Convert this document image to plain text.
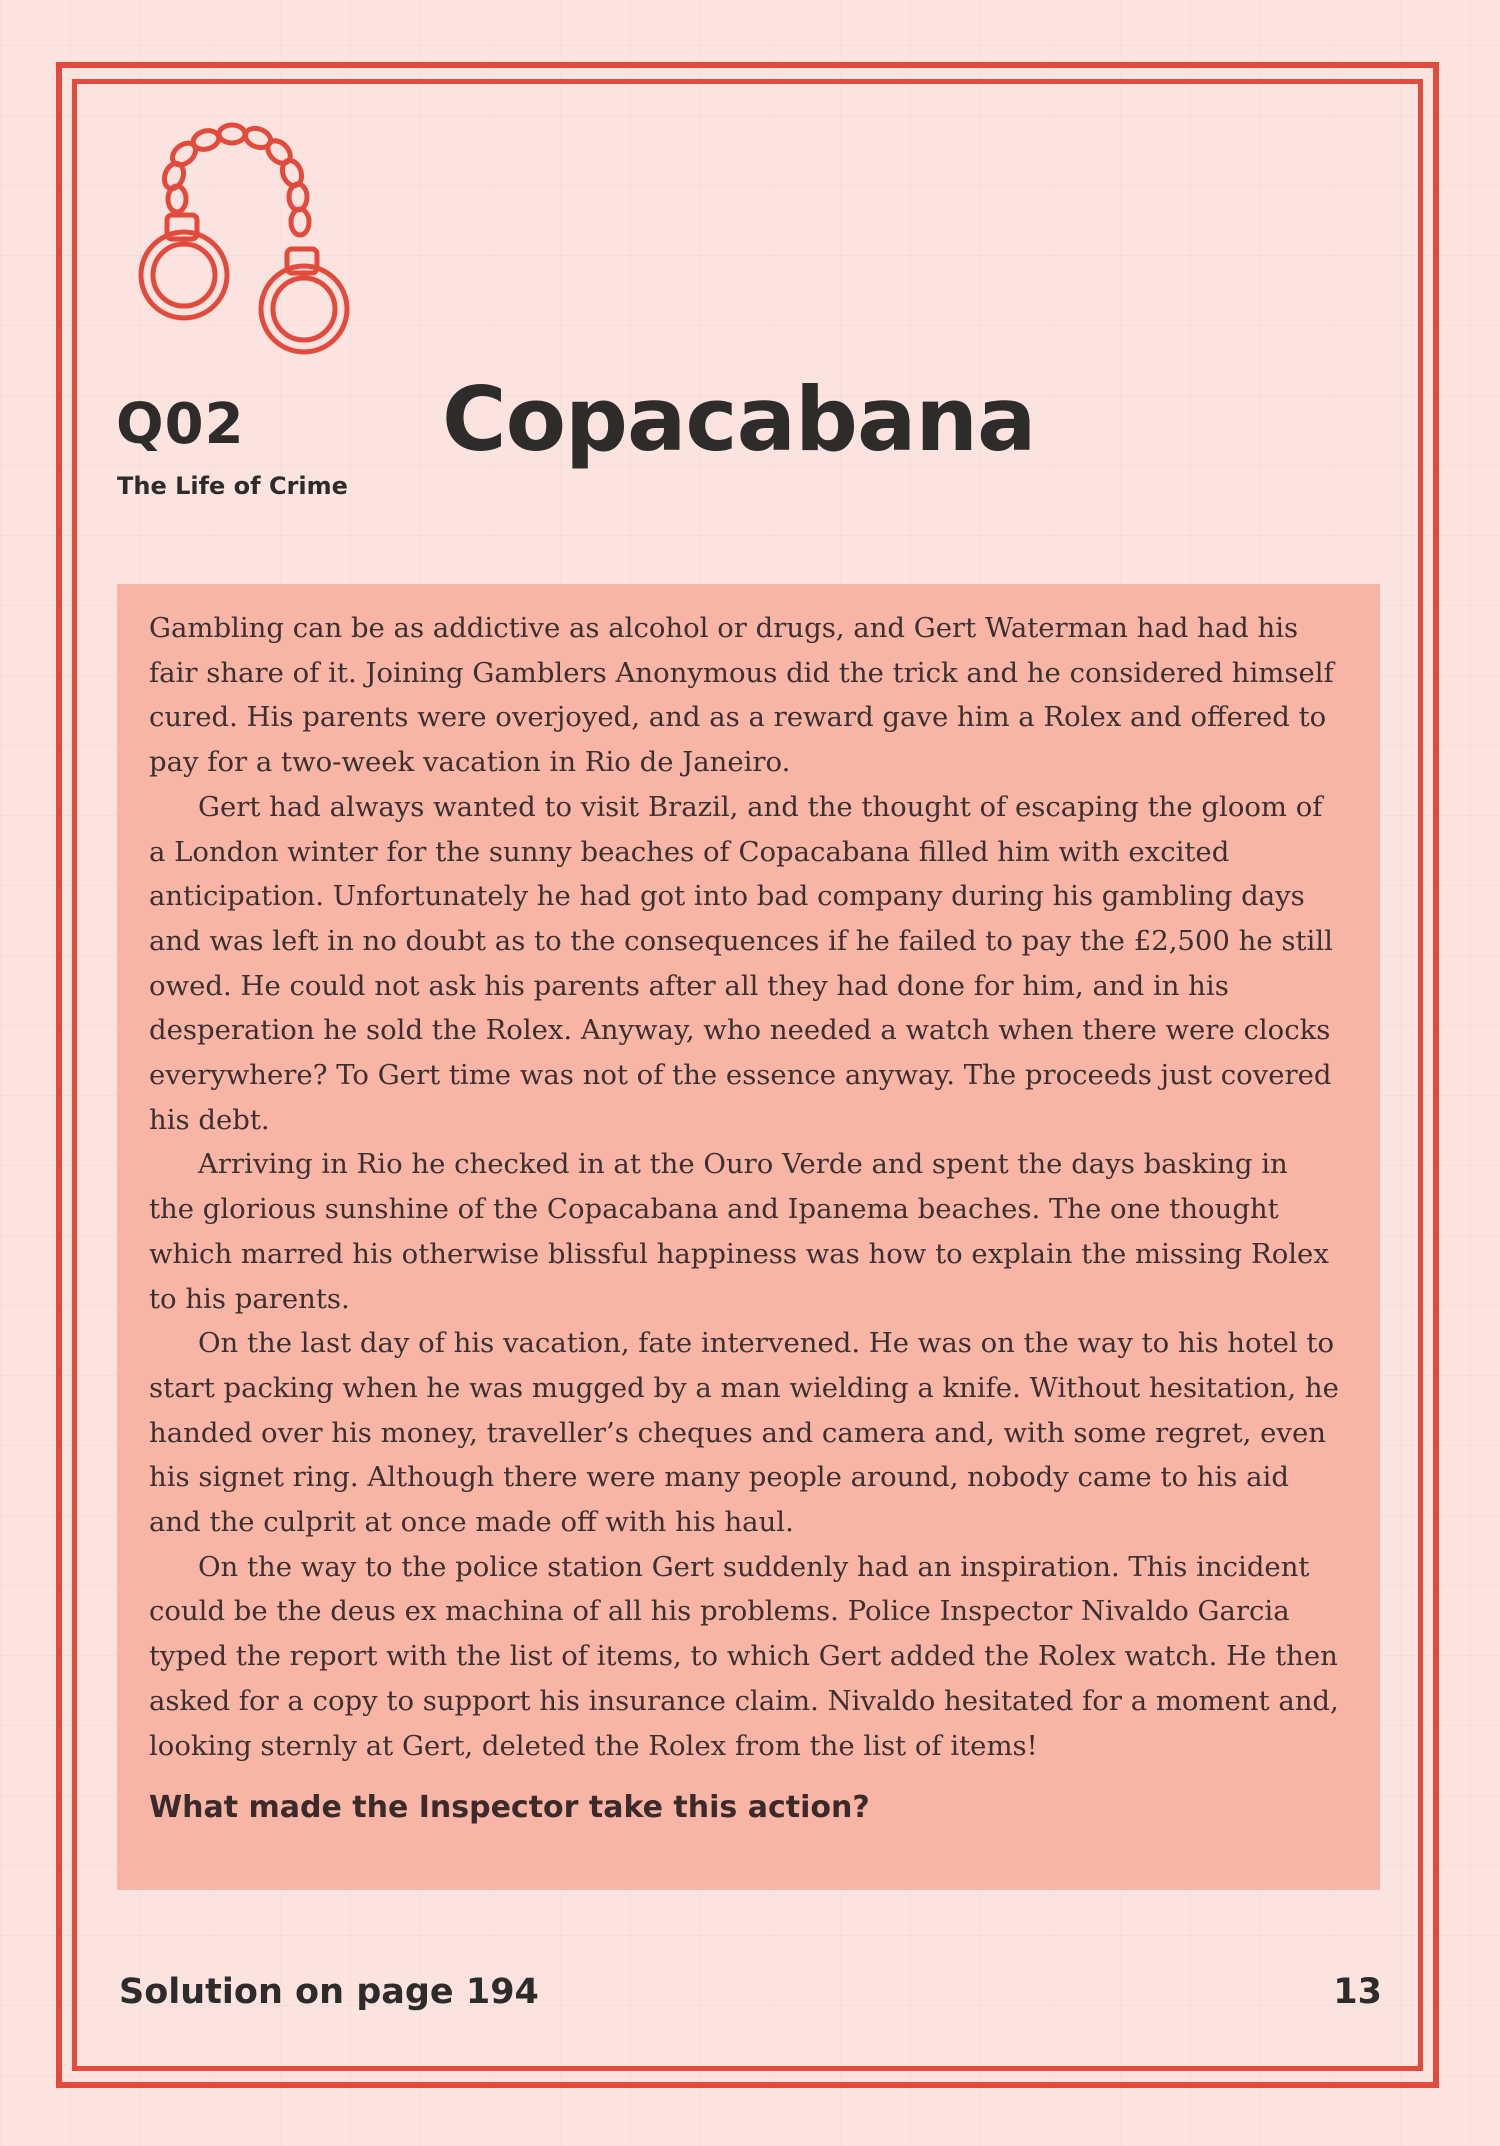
Q02
The Life of Crime
Copacabana

Gambling can be as addictive as alcohol or drugs, and Gert Waterman had had his fair share of it. Joining Gamblers Anonymous did the trick and he considered himself cured. His parents were overjoyed, and as a reward gave him a Rolex and offered to pay for a two-week vacation in Rio de Janeiro.

Gert had always wanted to visit Brazil, and the thought of escaping the gloom of a London winter for the sunny beaches of Copacabana filled him with excited anticipation. Unfortunately he had got into bad company during his gambling days and was left in no doubt as to the consequences if he failed to pay the £2,500 he still owed. He could not ask his parents after all they had done for him, and in his desperation he sold the Rolex. Anyway, who needed a watch when there were clocks everywhere? To Gert time was not of the essence anyway. The proceeds just covered his debt.

Arriving in Rio he checked in at the Ouro Verde and spent the days basking in the glorious sunshine of the Copacabana and Ipanema beaches. The one thought which marred his otherwise blissful happiness was how to explain the missing Rolex to his parents.

On the last day of his vacation, fate intervened. He was on the way to his hotel to start packing when he was mugged by a man wielding a knife. Without hesitation, he handed over his money, traveller’s cheques and camera and, with some regret, even his signet ring. Although there were many people around, nobody came to his aid and the culprit at once made off with his haul.

On the way to the police station Gert suddenly had an inspiration. This incident could be the deus ex machina of all his problems. Police Inspector Nivaldo Garcia typed the report with the list of items, to which Gert added the Rolex watch. He then asked for a copy to support his insurance claim. Nivaldo hesitated for a moment and, looking sternly at Gert, deleted the Rolex from the list of items!

What made the Inspector take this action?
Solution on page 194	13
